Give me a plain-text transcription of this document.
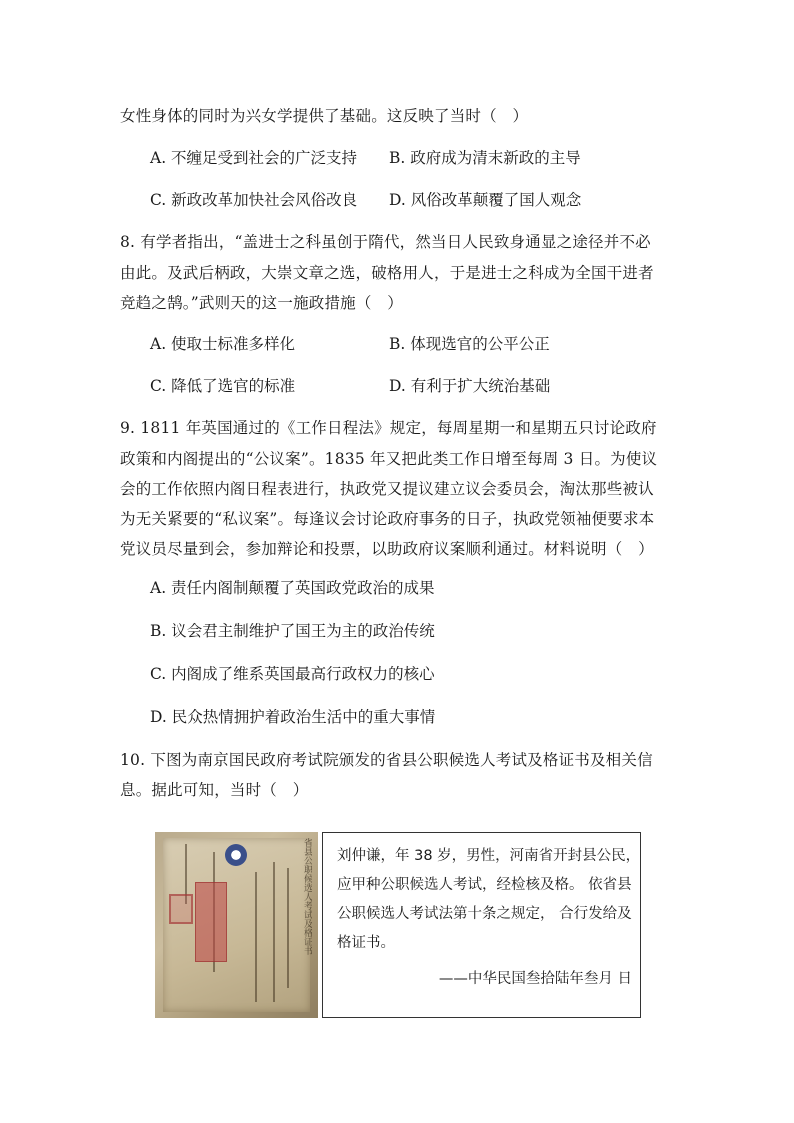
女性身体的同时为兴女学提供了基础。这反映了当时（　）
A. 不缠足受到社会的广泛支持 B. 政府成为清末新政的主导
C. 新政改革加快社会风俗改良 D. 风俗改革颠覆了国人观念
8. 有学者指出，“盖进士之科虽创于隋代，然当日人民致身通显之途径并不必
由此。及武后柄政，大崇文章之选，破格用人，于是进士之科成为全国干进者
竞趋之鹄。”武则天的这一施政措施（　）
A. 使取士标准多样化	B. 体现选官的公平公正
C. 降低了选官的标准	D. 有利于扩大统治基础
9. 1811 年英国通过的《工作日程法》规定，每周星期一和星期五只讨论政府
政策和内阁提出的“公议案”。1835 年又把此类工作日增至每周 3 日。为使议
会的工作依照内阁日程表进行，执政党又提议建立议会委员会，淘汰那些被认
为无关紧要的“私议案”。每逢议会讨论政府事务的日子，执政党领袖便要求本
党议员尽量到会，参加辩论和投票，以助政府议案顺利通过。材料说明（　）
A. 责任内阁制颠覆了英国政党政治的成果
B. 议会君主制维护了国王为主的政治传统
C. 内阁成了维系英国最高行政权力的核心
D. 民众热情拥护着政治生活中的重大事情
10. 下图为南京国民政府考试院颁发的省县公职候选人考试及格证书及相关信
息。据此可知，当时（　）
省县公职候选人考试及格证书 刘仲谦，年 38 岁，男性，河南省开封县公民，
应甲种公职候选人考试，经检核及格。 依省县
公职候选人考试法第十条之规定， 合行发给及
格证书。
——中华民国叁拾陆年叁月 日
